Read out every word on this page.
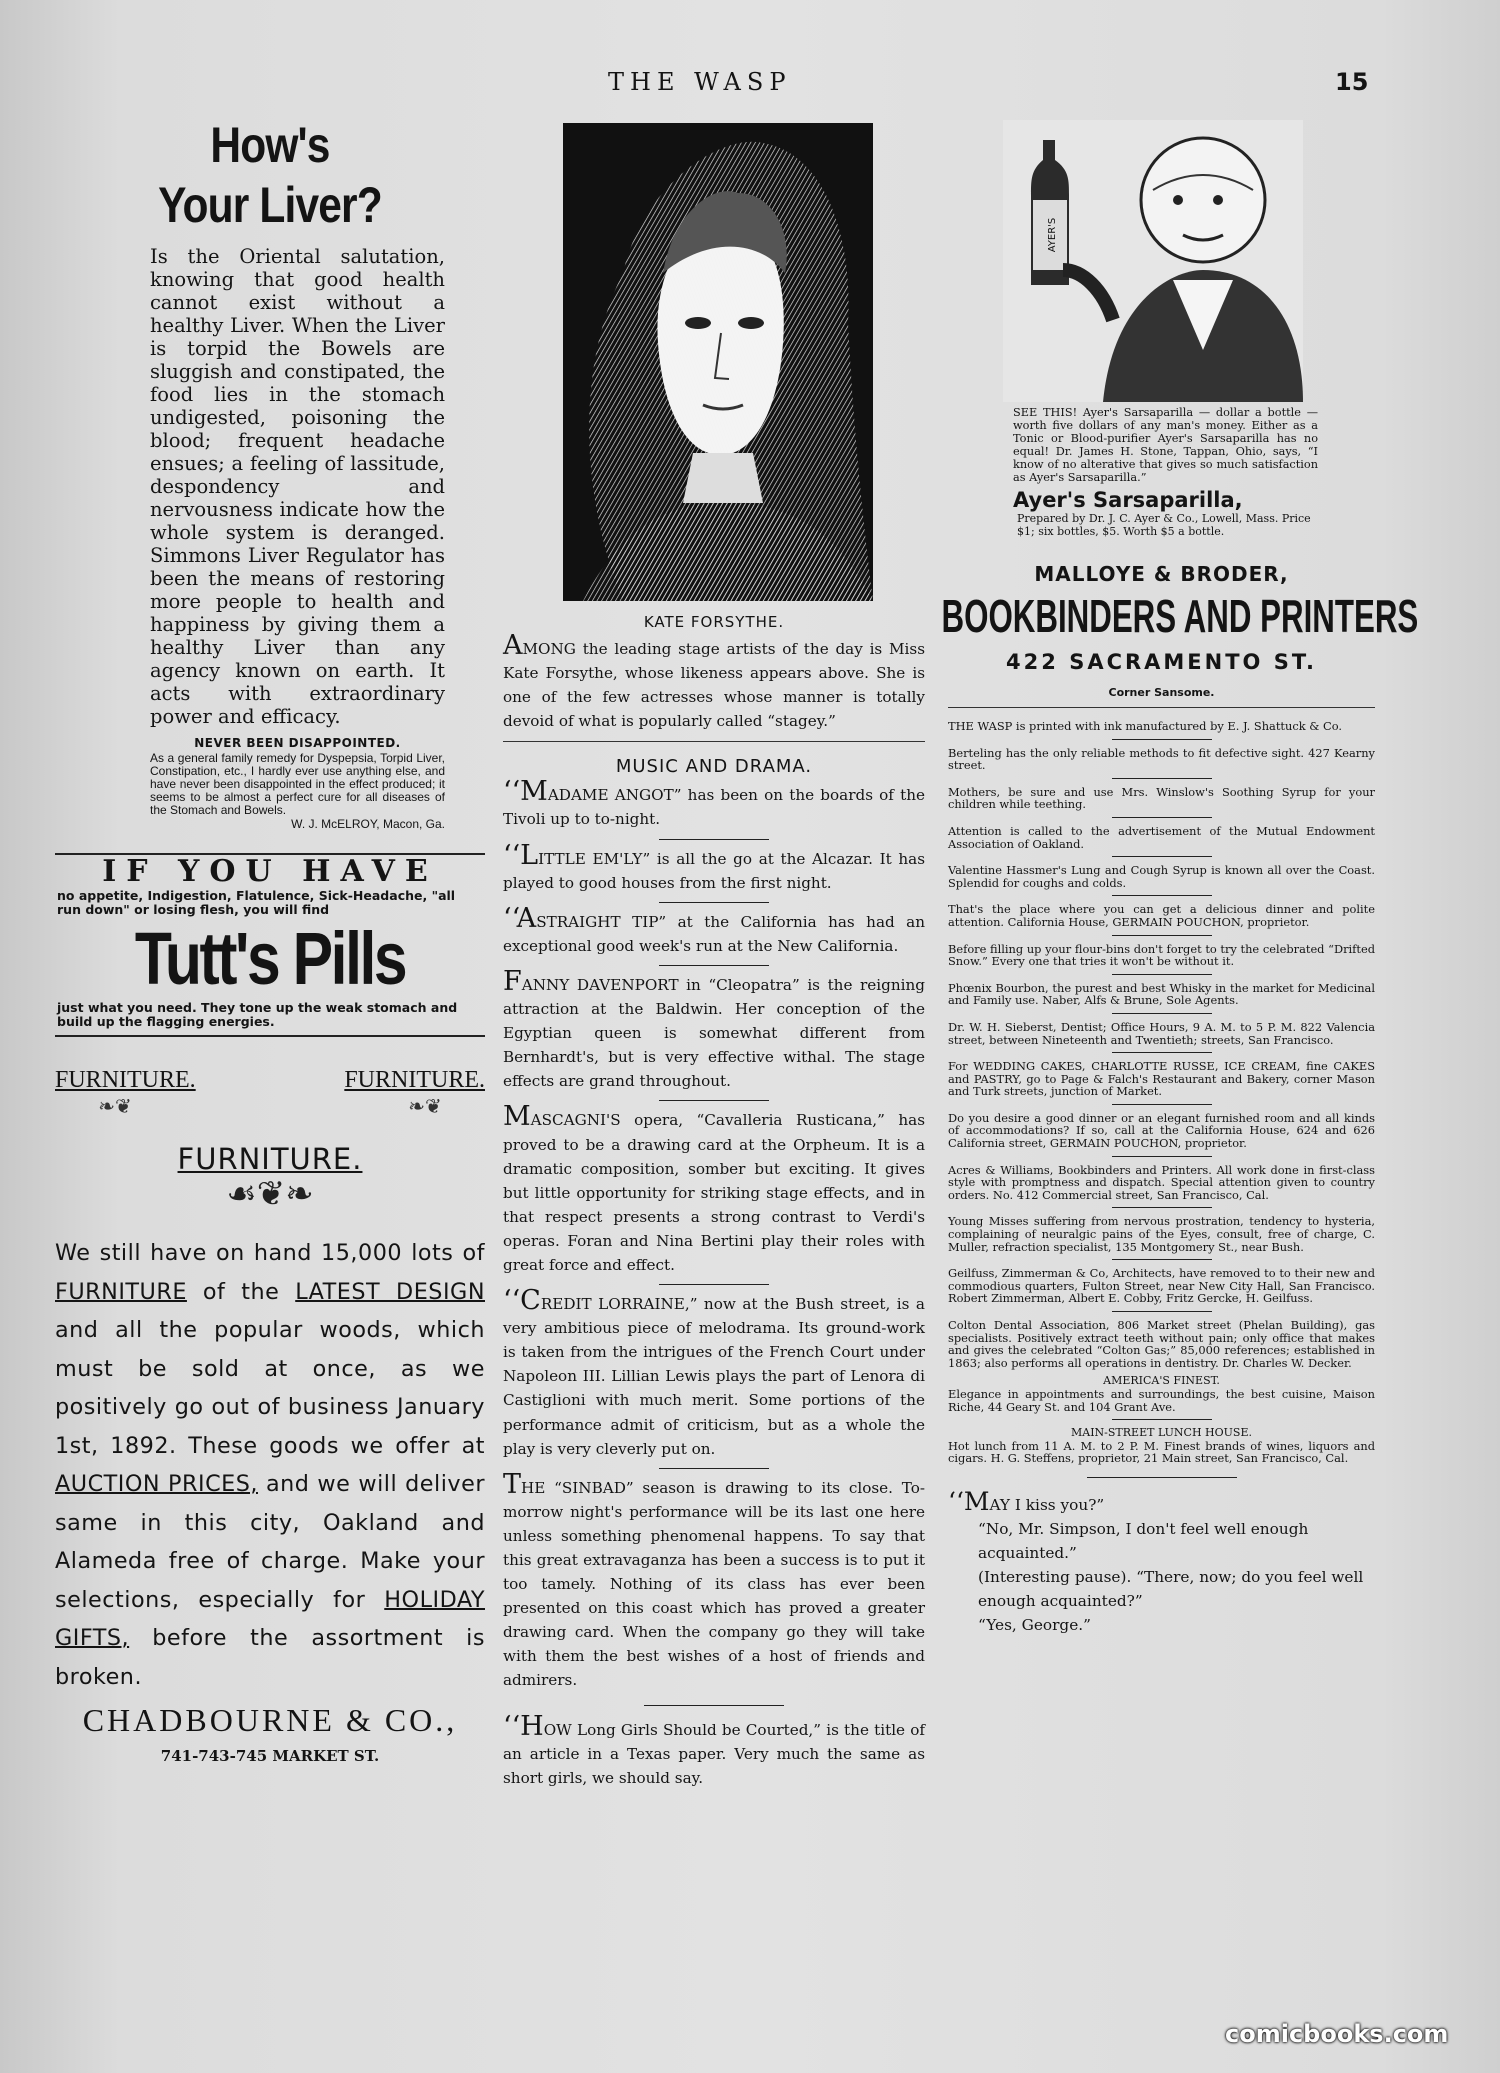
THE WASP	15
How's
Your Liver?
Is the Oriental salutation, knowing that good health cannot exist without a healthy Liver. When the Liver is torpid the Bowels are sluggish and constipated, the food lies in the stomach undigested, poisoning the blood; frequent headache ensues; a feeling of lassitude, despondency and nervousness indicate how the whole system is deranged. Simmons Liver Regulator has been the means of restoring more people to health and happiness by giving them a healthy Liver than any agency known on earth. It acts with extraordinary power and efficacy.
NEVER BEEN DISAPPOINTED.
As a general family remedy for Dyspepsia, Torpid Liver, Constipation, etc., I hardly ever use anything else, and have never been disappointed in the effect produced; it seems to be almost a perfect cure for all diseases of the Stomach and Bowels.
W. J. McELROY, Macon, Ga.
IF YOU HAVE
no appetite, Indigestion, Flatulence, Sick-Headache, "all run down" or losing flesh, you will find
Tutt's Pills
just what you need. They tone up the weak stomach and build up the flagging energies.
FURNITURE.	FURNITURE.
❧❦	❧❦
FURNITURE.
☙❦❧
We still have on hand 15,000 lots of FURNITURE of the LATEST DESIGN and all the popular woods, which must be sold at once, as we positively go out of business January 1st, 1892. These goods we offer at AUCTION PRICES, and we will deliver same in this city, Oakland and Alameda free of charge. Make your selections, especially for HOLIDAY GIFTS, before the assortment is broken.
CHADBOURNE & CO.,
741-743-745 MARKET ST.
KATE FORSYTHE.
AMONG the leading stage artists of the day is Miss Kate Forsythe, whose likeness appears above. She is one of the few actresses whose manner is totally devoid of what is popularly called “stagey.”
MUSIC AND DRAMA.
‘‘MADAME ANGOT” has been on the boards of the Tivoli up to to-night.
‘‘LITTLE EM'LY” is all the go at the Alcazar. It has played to good houses from the first night.
‘‘ASTRAIGHT TIP” at the California has had an exceptional good week's run at the New California.
FANNY DAVENPORT in “Cleopatra” is the reigning attraction at the Baldwin. Her conception of the Egyptian queen is somewhat different from Bernhardt's, but is very effective withal. The stage effects are grand throughout.
MASCAGNI'S opera, “Cavalleria Rusticana,” has proved to be a drawing card at the Orpheum. It is a dramatic composition, somber but exciting. It gives but little opportunity for striking stage effects, and in that respect presents a strong contrast to Verdi's operas. Foran and Nina Bertini play their roles with great force and effect.
‘‘CREDIT LORRAINE,” now at the Bush street, is a very ambitious piece of melodrama. Its ground-work is taken from the intrigues of the French Court under Napoleon III. Lillian Lewis plays the part of Lenora di Castiglioni with much merit. Some portions of the performance admit of criticism, but as a whole the play is very cleverly put on.
THE “SINBAD” season is drawing to its close. To-morrow night's performance will be its last one here unless something phenomenal happens. To say that this great extravaganza has been a success is to put it too tamely. Nothing of its class has ever been presented on this coast which has proved a greater drawing card. When the company go they will take with them the best wishes of a host of friends and admirers.
‘‘HOW Long Girls Should be Courted,” is the title of an article in a Texas paper. Very much the same as short girls, we should say.
AYER'S
SEE THIS! Ayer's Sarsaparilla — dollar a bottle — worth five dollars of any man's money. Either as a Tonic or Blood-purifier Ayer's Sarsaparilla has no equal! Dr. James H. Stone, Tappan, Ohio, says, “I know of no alterative that gives so much satisfaction as Ayer's Sarsaparilla.”
Ayer's Sarsaparilla,
Prepared by Dr. J. C. Ayer & Co., Lowell, Mass. Price $1; six bottles, $5. Worth $5 a bottle.
MALLOYE & BRODER,
BOOKBINDERS AND PRINTERS
422 SACRAMENTO ST.
Corner Sansome.
THE WASP is printed with ink manufactured by E. J. Shattuck & Co.
Berteling has the only reliable methods to fit defective sight. 427 Kearny street.
Mothers, be sure and use Mrs. Winslow's Soothing Syrup for your children while teething.
Attention is called to the advertisement of the Mutual Endowment Association of Oakland.
Valentine Hassmer's Lung and Cough Syrup is known all over the Coast. Splendid for coughs and colds.
That's the place where you can get a delicious dinner and polite attention. California House, GERMAIN POUCHON, proprietor.
Before filling up your flour-bins don't forget to try the celebrated “Drifted Snow.” Every one that tries it won't be without it.
Phœnix Bourbon, the purest and best Whisky in the market for Medicinal and Family use. Naber, Alfs & Brune, Sole Agents.
Dr. W. H. Sieberst, Dentist; Office Hours, 9 A. M. to 5 P. M. 822 Valencia street, between Nineteenth and Twentieth; streets, San Francisco.
For WEDDING CAKES, CHARLOTTE RUSSE, ICE CREAM, fine CAKES and PASTRY, go to Page & Falch's Restaurant and Bakery, corner Mason and Turk streets, junction of Market.
Do you desire a good dinner or an elegant furnished room and all kinds of accommodations? If so, call at the California House, 624 and 626 California street, GERMAIN POUCHON, proprietor.
Acres & Williams, Bookbinders and Printers. All work done in first-class style with promptness and dispatch. Special attention given to country orders. No. 412 Commercial street, San Francisco, Cal.
Young Misses suffering from nervous prostration, tendency to hysteria, complaining of neuralgic pains of the Eyes, consult, free of charge, C. Muller, refraction specialist, 135 Montgomery St., near Bush.
Geilfuss, Zimmerman & Co, Architects, have removed to to their new and commodious quarters, Fulton Street, near New City Hall, San Francisco. Robert Zimmerman, Albert E. Cobby, Fritz Gercke, H. Geilfuss.
Colton Dental Association, 806 Market street (Phelan Building), gas specialists. Positively extract teeth without pain; only office that makes and gives the celebrated “Colton Gas;” 85,000 references; established in 1863; also performs all operations in dentistry. Dr. Charles W. Decker.
AMERICA'S FINEST.
Elegance in appointments and surroundings, the best cuisine, Maison Riche, 44 Geary St. and 104 Grant Ave.
MAIN-STREET LUNCH HOUSE.
Hot lunch from 11 A. M. to 2 P. M. Finest brands of wines, liquors and cigars. H. G. Steffens, proprietor, 21 Main street, San Francisco, Cal.
‘‘MAY I kiss you?”
“No, Mr. Simpson, I don't feel well enough acquainted.”
(Interesting pause). “There, now; do you feel well enough acquainted?”
“Yes, George.”
comicbooks.com
